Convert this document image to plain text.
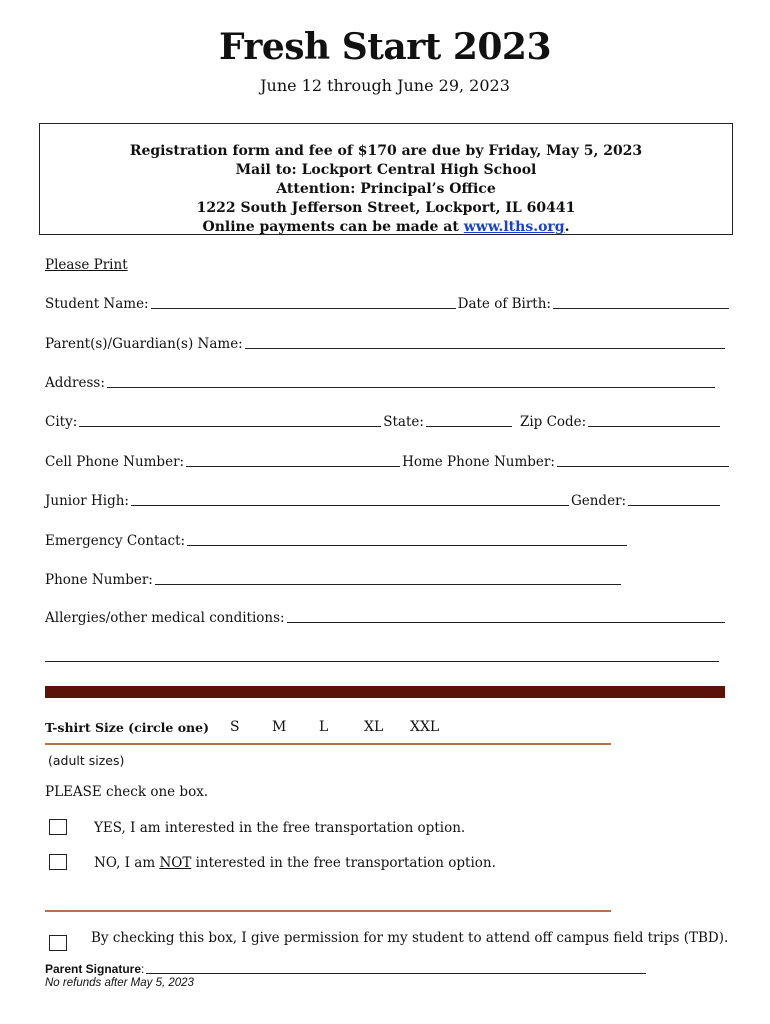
Fresh Start 2023
June 12 through June 29, 2023
Registration form and fee of $170 are due by Friday, May 5, 2023
Mail to: Lockport Central High School
Attention: Principal’s Office
1222 South Jefferson Street, Lockport, IL 60441
Online payments can be made at www.lths.org.
Please Print
Student Name:	Date of Birth:
Parent(s)/Guardian(s) Name:
Address:
City:	State:	Zip Code:
Cell Phone Number:	Home Phone Number:
Junior High:	Gender:
Emergency Contact:
Phone Number:
Allergies/other medical conditions:
T-shirt Size (circle one) S M L	XL XXL
(adult sizes)
PLEASE check one box.
YES, I am interested in the free transportation option.
NO, I am NOT interested in the free transportation option.
By checking this box, I give permission for my student to attend off campus field trips (TBD).
Parent Signature :
No refunds after May 5, 2023
